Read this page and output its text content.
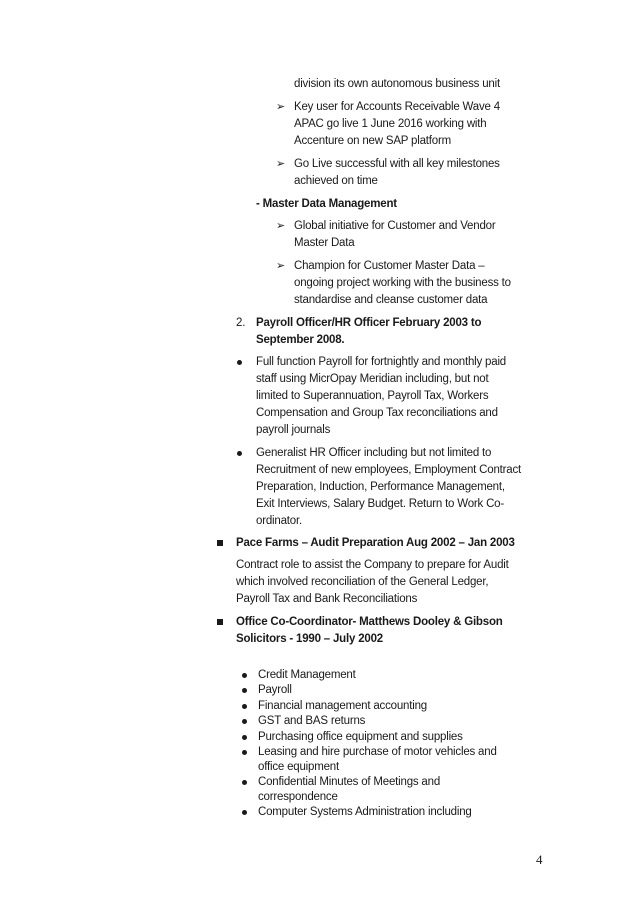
division its own autonomous business unit
➢ Key user for Accounts Receivable Wave 4
APAC go live 1 June 2016 working with
Accenture on new SAP platform
➢ Go Live successful with all key milestones
achieved on time
- Master Data Management
➢ Global initiative for Customer and Vendor
Master Data
➢ Champion for Customer Master Data –
ongoing project working with the business to
standardise and cleanse customer data
2. Payroll Officer/HR Officer February 2003 to
September 2008.
Full function Payroll for fortnightly and monthly paid
staff using MicrOpay Meridian including, but not
limited to Superannuation, Payroll Tax, Workers
Compensation and Group Tax reconciliations and
payroll journals
Generalist HR Officer including but not limited to
Recruitment of new employees, Employment Contract
Preparation, Induction, Performance Management,
Exit Interviews, Salary Budget. Return to Work Co-
ordinator.
Pace Farms – Audit Preparation Aug 2002 – Jan 2003
Contract role to assist the Company to prepare for Audit
which involved reconciliation of the General Ledger,
Payroll Tax and Bank Reconciliations
Office Co-Coordinator- Matthews Dooley & Gibson
Solicitors - 1990 – July 2002
Credit Management
Payroll
Financial management accounting
GST and BAS returns
Purchasing office equipment and supplies
Leasing and hire purchase of motor vehicles and
office equipment
Confidential Minutes of Meetings and
correspondence
Computer Systems Administration including
4
